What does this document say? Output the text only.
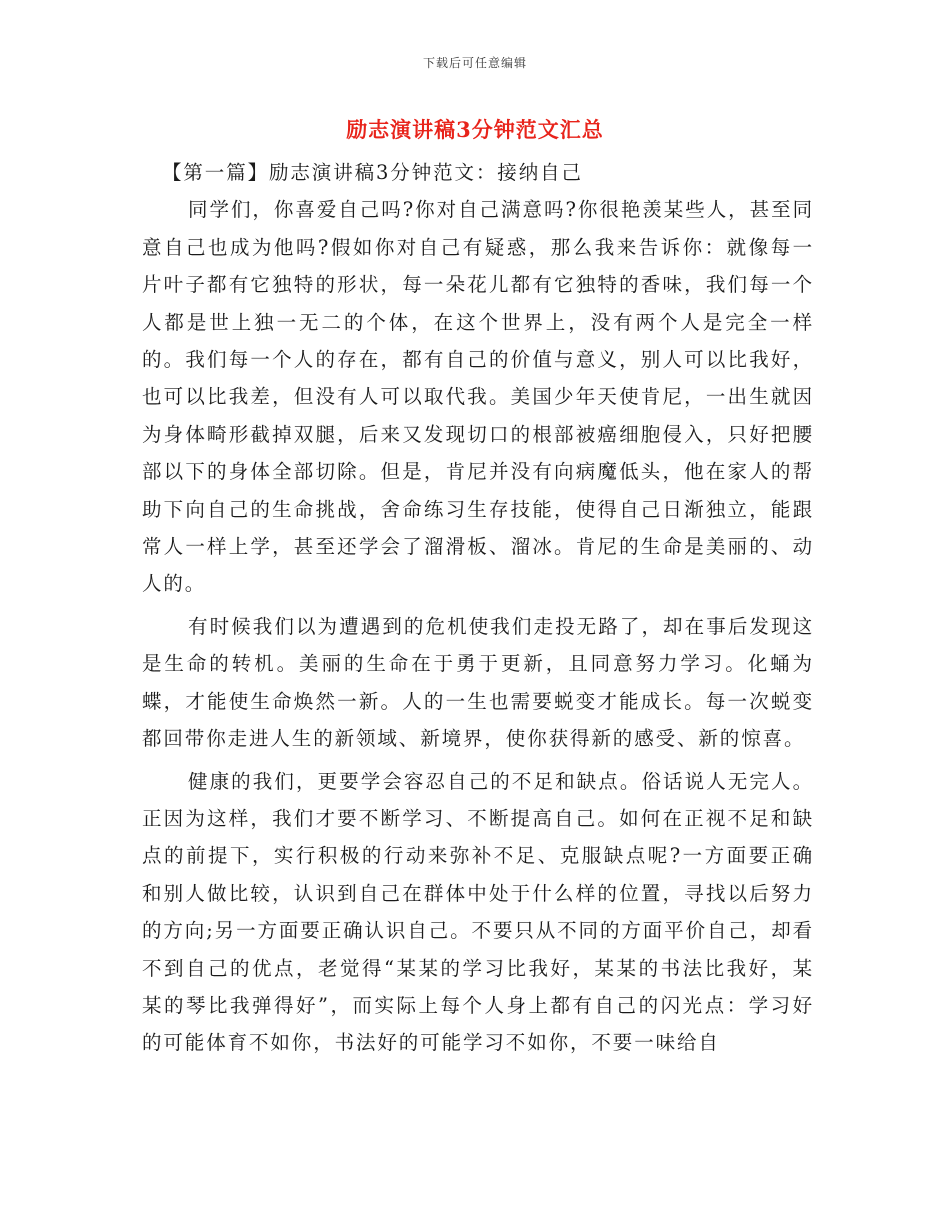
下载后可任意编辑
励志演讲稿3分钟范文汇总

【第一篇】励志演讲稿3分钟范文：接纳自己

同学们，你喜爱自己吗?你对自己满意吗?你很艳羡某些人，甚至同意自己也成为他吗?假如你对自己有疑惑，那么我来告诉你：就像每一片叶子都有它独特的形状，每一朵花儿都有它独特的香味，我们每一个人都是世上独一无二的个体，在这个世界上，没有两个人是完全一样的。我们每一个人的存在，都有自己的价值与意义，别人可以比我好，也可以比我差，但没有人可以取代我。美国少年天使肯尼，一出生就因为身体畸形截掉双腿，后来又发现切口的根部被癌细胞侵入，只好把腰部以下的身体全部切除。但是，肯尼并没有向病魔低头，他在家人的帮助下向自己的生命挑战，舍命练习生存技能，使得自己日渐独立，能跟常人一样上学，甚至还学会了溜滑板、溜冰。肯尼的生命是美丽的、动人的。

有时候我们以为遭遇到的危机使我们走投无路了，却在事后发现这是生命的转机。美丽的生命在于勇于更新，且同意努力学习。化蛹为蝶，才能使生命焕然一新。人的一生也需要蜕变才能成长。每一次蜕变都回带你走进人生的新领域、新境界，使你获得新的感受、新的惊喜。

健康的我们，更要学会容忍自己的不足和缺点。俗话说人无完人。正因为这样，我们才要不断学习、不断提高自己。如何在正视不足和缺点的前提下，实行积极的行动来弥补不足、克服缺点呢?一方面要正确和别人做比较，认识到自己在群体中处于什么样的位置，寻找以后努力的方向;另一方面要正确认识自己。不要只从不同的方面平价自己，却看不到自己的优点，老觉得“某某的学习比我好，某某的书法比我好，某某的琴比我弹得好”，而实际上每个人身上都有自己的闪光点：学习好的可能体育不如你，书法好的可能学习不如你，不要一味给自
